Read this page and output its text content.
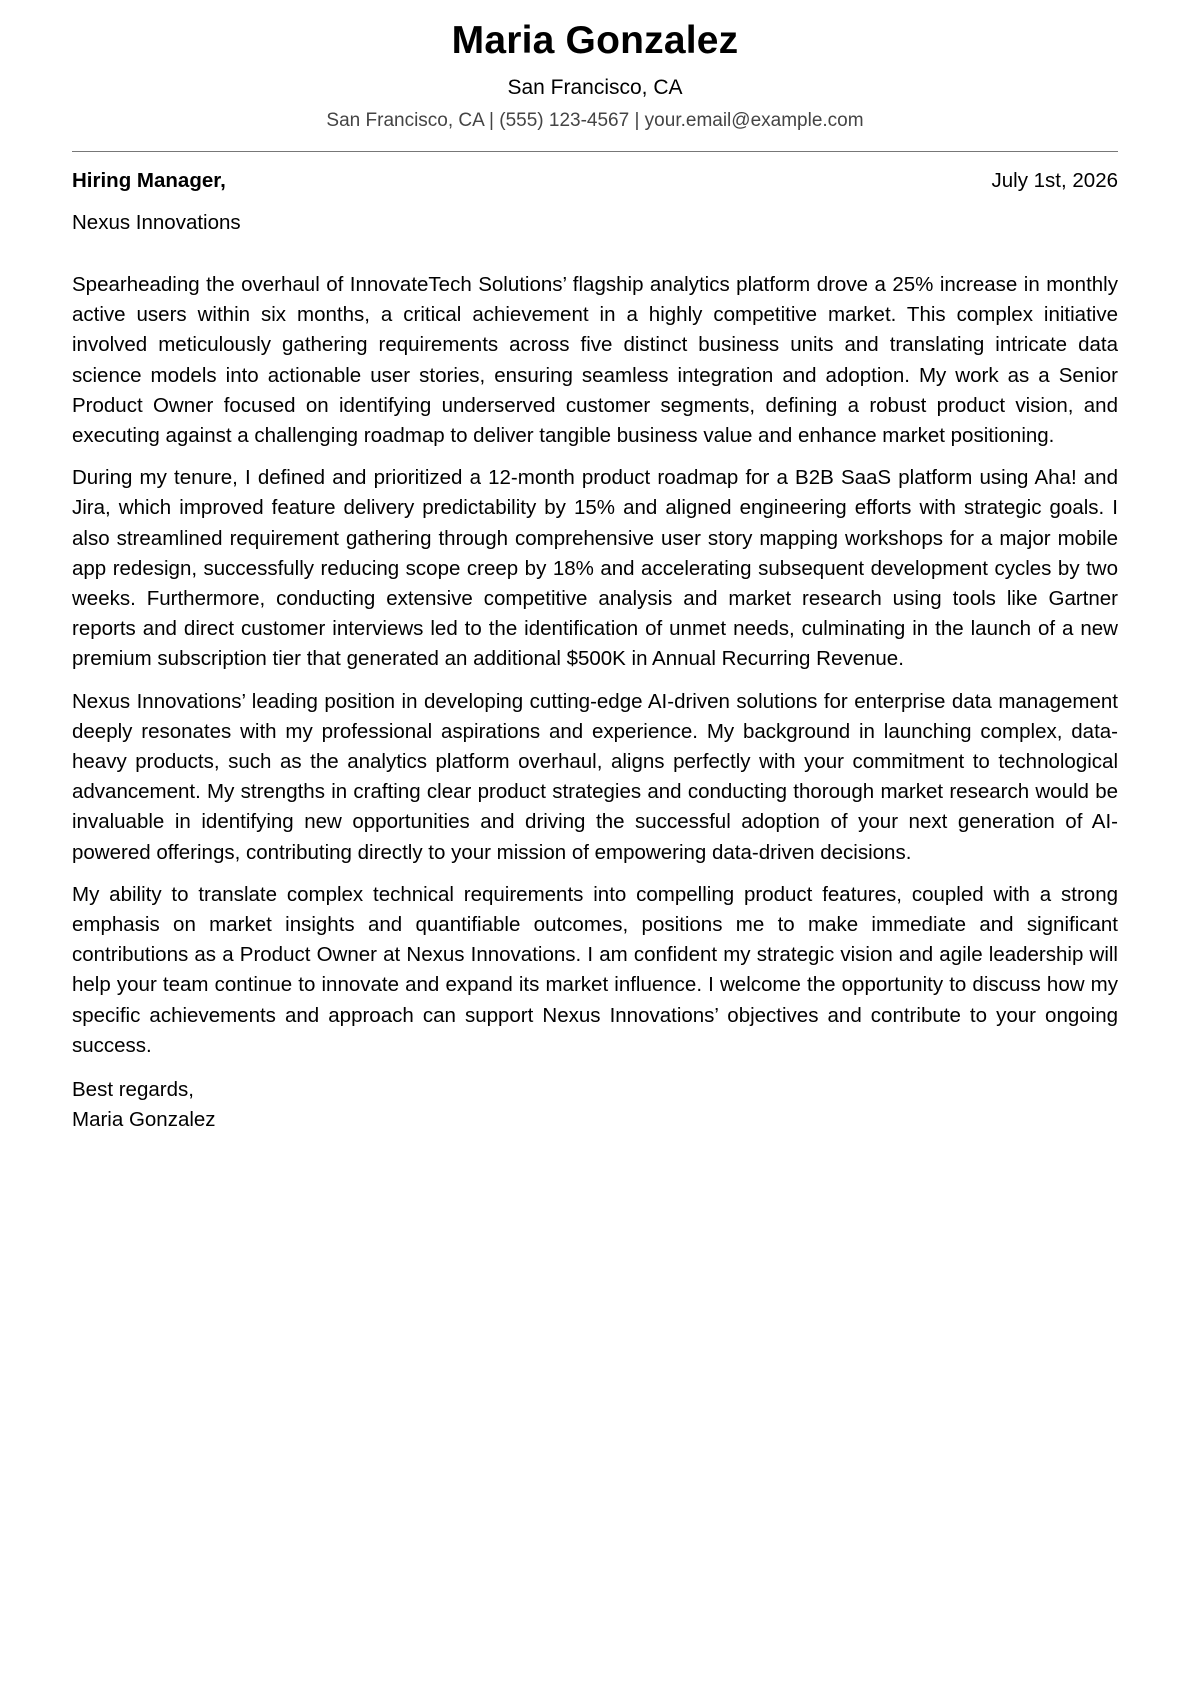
Maria Gonzalez
San Francisco, CA
San Francisco, CA | (555) 123-4567 | your.email@example.com
Hiring Manager,	July 1st, 2026
Nexus Innovations

Spearheading the overhaul of InnovateTech Solutions’ flagship analytics platform drove a 25% increase in monthly active users within six months, a critical achievement in a highly competitive market. This complex initiative involved meticulously gathering requirements across five distinct business units and translating intricate data science models into actionable user stories, ensuring seamless integration and adoption. My work as a Senior Product Owner focused on identifying underserved customer segments, defining a robust product vision, and executing against a challenging roadmap to deliver tangible business value and enhance market positioning.

During my tenure, I defined and prioritized a 12-month product roadmap for a B2B SaaS platform using Aha! and Jira, which improved feature delivery predictability by 15% and aligned engineering efforts with strategic goals. I also streamlined requirement gathering through comprehensive user story mapping workshops for a major mobile app redesign, successfully reducing scope creep by 18% and accelerating subsequent development cycles by two weeks. Furthermore, conducting extensive competitive analysis and market research using tools like Gartner reports and direct customer interviews led to the identification of unmet needs, culminating in the launch of a new premium subscription tier that generated an additional $500K in Annual Recurring Revenue.

Nexus Innovations’ leading position in developing cutting-edge AI-driven solutions for enterprise data management deeply resonates with my professional aspirations and experience. My background in launching complex, data-heavy products, such as the analytics platform overhaul, aligns perfectly with your commitment to technological advancement. My strengths in crafting clear product strategies and conducting thorough market research would be invaluable in identifying new opportunities and driving the successful adoption of your next generation of AI-powered offerings, contributing directly to your mission of empowering data-driven decisions.

My ability to translate complex technical requirements into compelling product features, coupled with a strong emphasis on market insights and quantifiable outcomes, positions me to make immediate and significant contributions as a Product Owner at Nexus Innovations. I am confident my strategic vision and agile leadership will help your team continue to innovate and expand its market influence. I welcome the opportunity to discuss how my specific achievements and approach can support Nexus Innovations’ objectives and contribute to your ongoing success.

Best regards,
Maria Gonzalez
